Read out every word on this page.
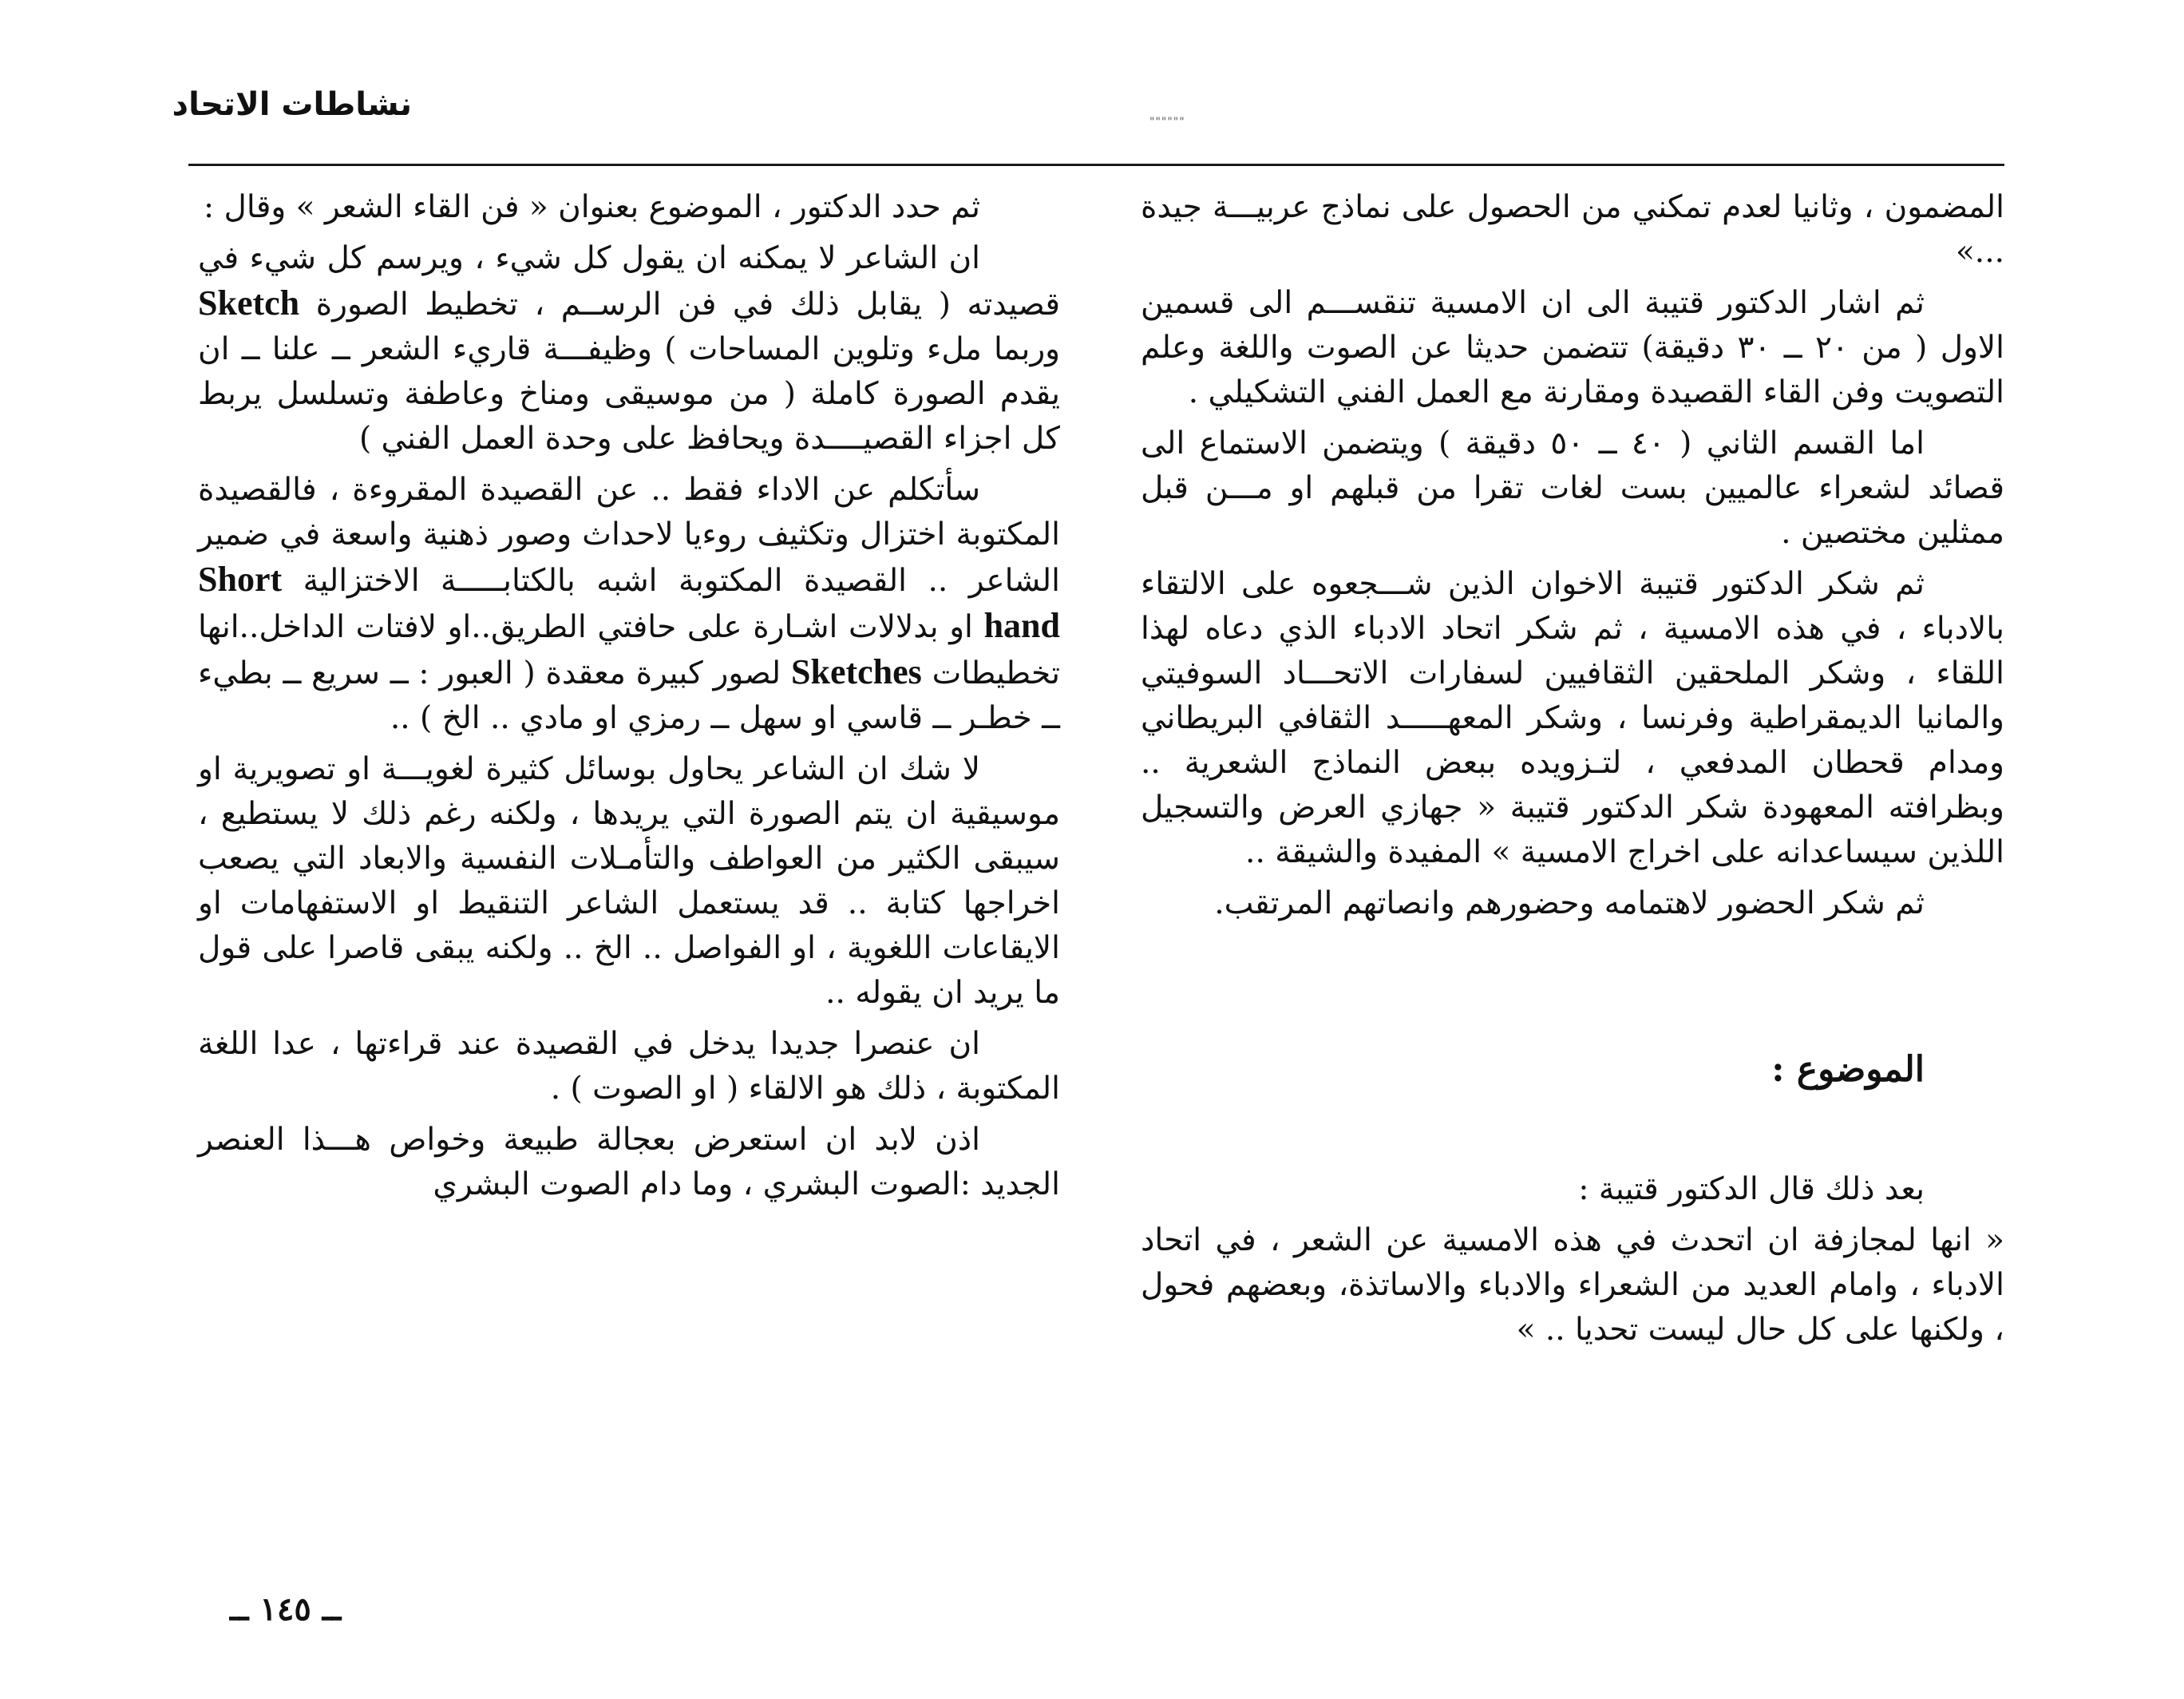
نشاطات الاتحاد	""""""

المضمون ، وثانيا لعدم تمكني من الحصول على نماذج عربيـــة جيدة ...»

ثم اشار الدكتور قتيبة الى ان الامسية تنقســـم الى قسمين الاول ( من ٢٠ ــ ٣٠ دقيقة) تتضمن حديثا عن الصوت واللغة وعلم التصويت وفن القاء القصيدة ومقارنة مع العمل الفني التشكيلي .

اما القسم الثاني ( ٤٠ ــ ٥٠ دقيقة ) ويتضمن الاستماع الى قصائد لشعراء عالميين بست لغات تقرا من قبلهم او مـــن قبل ممثلين مختصين .

ثم شكر الدكتور قتيبة الاخوان الذين شـــجعوه على الالتقاء بالادباء ، في هذه الامسية ، ثم شكر اتحاد الادباء الذي دعاه لهذا اللقاء ، وشكر الملحقين الثقافيين لسفارات الاتحـــاد السوفيتي والمانيا الديمقراطية وفرنسا ، وشكر المعهـــــد الثقافي البريطاني ومدام قحطان المدفعي ، لتـزويده ببعض النماذج الشعرية .. وبظرافته المعهودة شكر الدكتور قتيبة « جهازي العرض والتسجيل اللذين سيساعدانه على اخراج الامسية » المفيدة والشيقة ..

ثم شكر الحضور لاهتمامه وحضورهم وانصاتهم المرتقب.

الموضوع :

بعد ذلك قال الدكتور قتيبة :

« انها لمجازفة ان اتحدث في هذه الامسية عن الشعر ، في اتحاد الادباء ، وامام العديد من الشعراء والادباء والاساتذة، وبعضهم فحول ، ولكنها على كل حال ليست تحديا .. »

ثم حدد الدكتور ، الموضوع بعنوان « فن القاء الشعر » وقال :

ان الشاعر لا يمكنه ان يقول كل شيء ، ويرسم كل شيء في قصيدته ( يقابل ذلك في فن الرســم ، تخطيط الصورة Sketch وربما ملء وتلوين المساحات ) وظيفـــة قاريء الشعر ــ علنا ــ ان يقدم الصورة كاملة ( من موسيقى ومناخ وعاطفة وتسلسل يربط كل اجزاء القصيــــدة ويحافظ على وحدة العمل الفني )

سأتكلم عن الاداء فقط .. عن القصيدة المقروءة ، فالقصيدة المكتوبة اختزال وتكثيف روءيا لاحداث وصور ذهنية واسعة في ضمير الشاعر .. القصيدة المكتوبة اشبه بالكتابـــــة الاختزالية Short hand او بدلالات اشـارة على حافتي الطريق..او لافتات الداخل..انها تخطيطات Sketches لصور كبيرة معقدة ( العبور : ــ سريع ــ بطيء ــ خطـر ــ قاسي او سهل ــ رمزي او مادي .. الخ ) ..

لا شك ان الشاعر يحاول بوسائل كثيرة لغويـــة او تصويرية او موسيقية ان يتم الصورة التي يريدها ، ولكنه رغم ذلك لا يستطيع ، سيبقى الكثير من العواطف والتأمـلات النفسية والابعاد التي يصعب اخراجها كتابة .. قد يستعمل الشاعر التنقيط او الاستفهامات او الايقاعات اللغوية ، او الفواصل .. الخ .. ولكنه يبقى قاصرا على قول ما يريد ان يقوله ..

ان عنصرا جديدا يدخل في القصيدة عند قراءتها ، عدا اللغة المكتوبة ، ذلك هو الالقاء ( او الصوت ) .

اذن لابد ان استعرض بعجالة طبيعة وخواص هـــذا العنصر الجديد :الصوت البشري ، وما دام الصوت البشري

ــ ١٤٥ ــ
